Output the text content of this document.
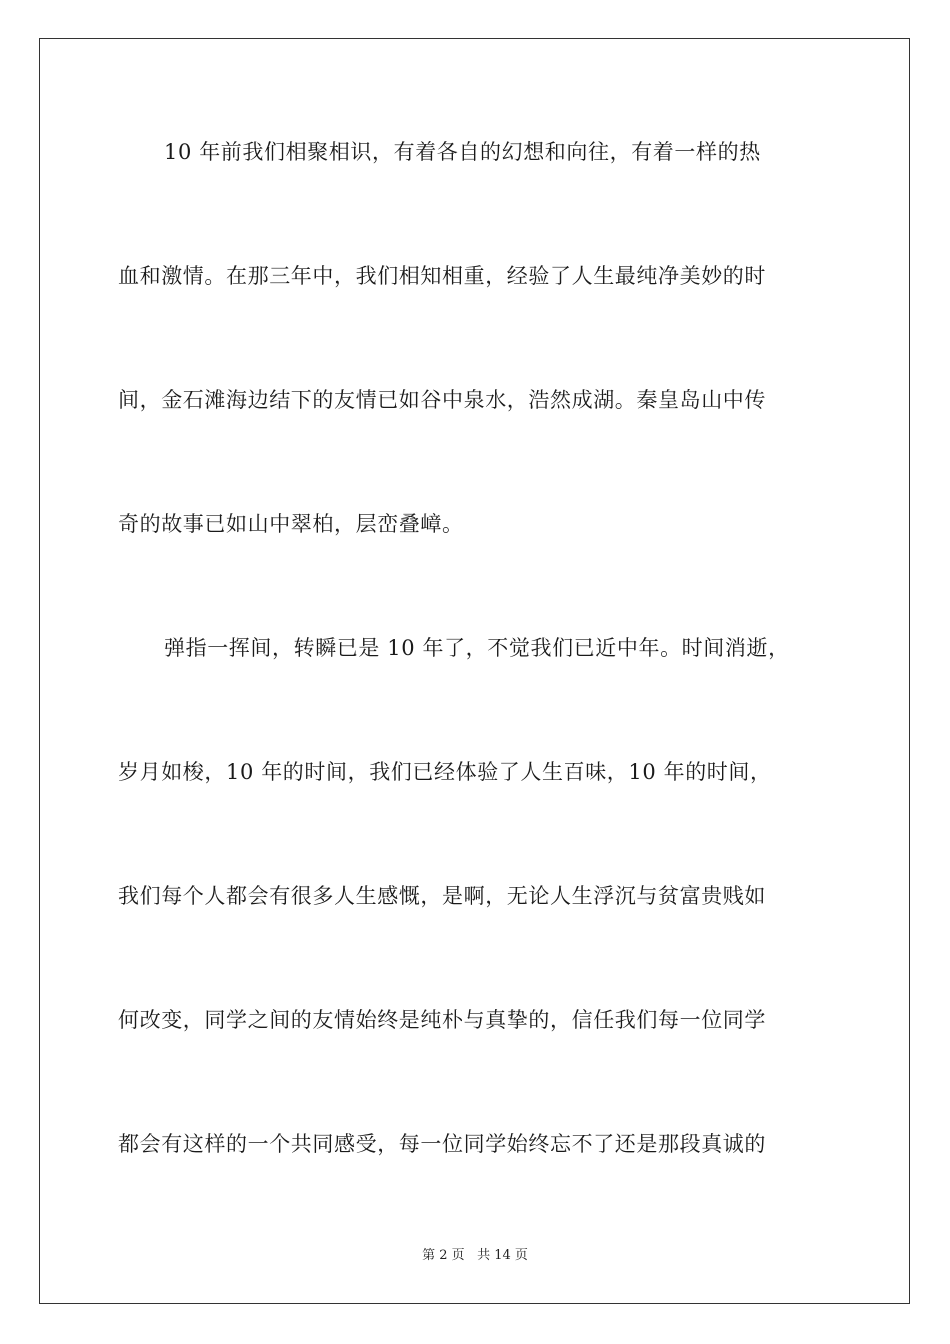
10 年前我们相聚相识，有着各自的幻想和向往，有着一样的热
血和激情。在那三年中，我们相知相重，经验了人生最纯净美妙的时
间，金石滩海边结下的友情已如谷中泉水，浩然成湖。秦皇岛山中传
奇的故事已如山中翠柏，层峦叠嶂。
弹指一挥间，转瞬已是 10 年了，不觉我们已近中年。时间消逝，
岁月如梭，10 年的时间，我们已经体验了人生百味，10 年的时间，
我们每个人都会有很多人生感慨，是啊，无论人生浮沉与贫富贵贱如
何改变，同学之间的友情始终是纯朴与真挚的，信任我们每一位同学
都会有这样的一个共同感受，每一位同学始终忘不了还是那段真诚的
第 2 页 共 14 页
